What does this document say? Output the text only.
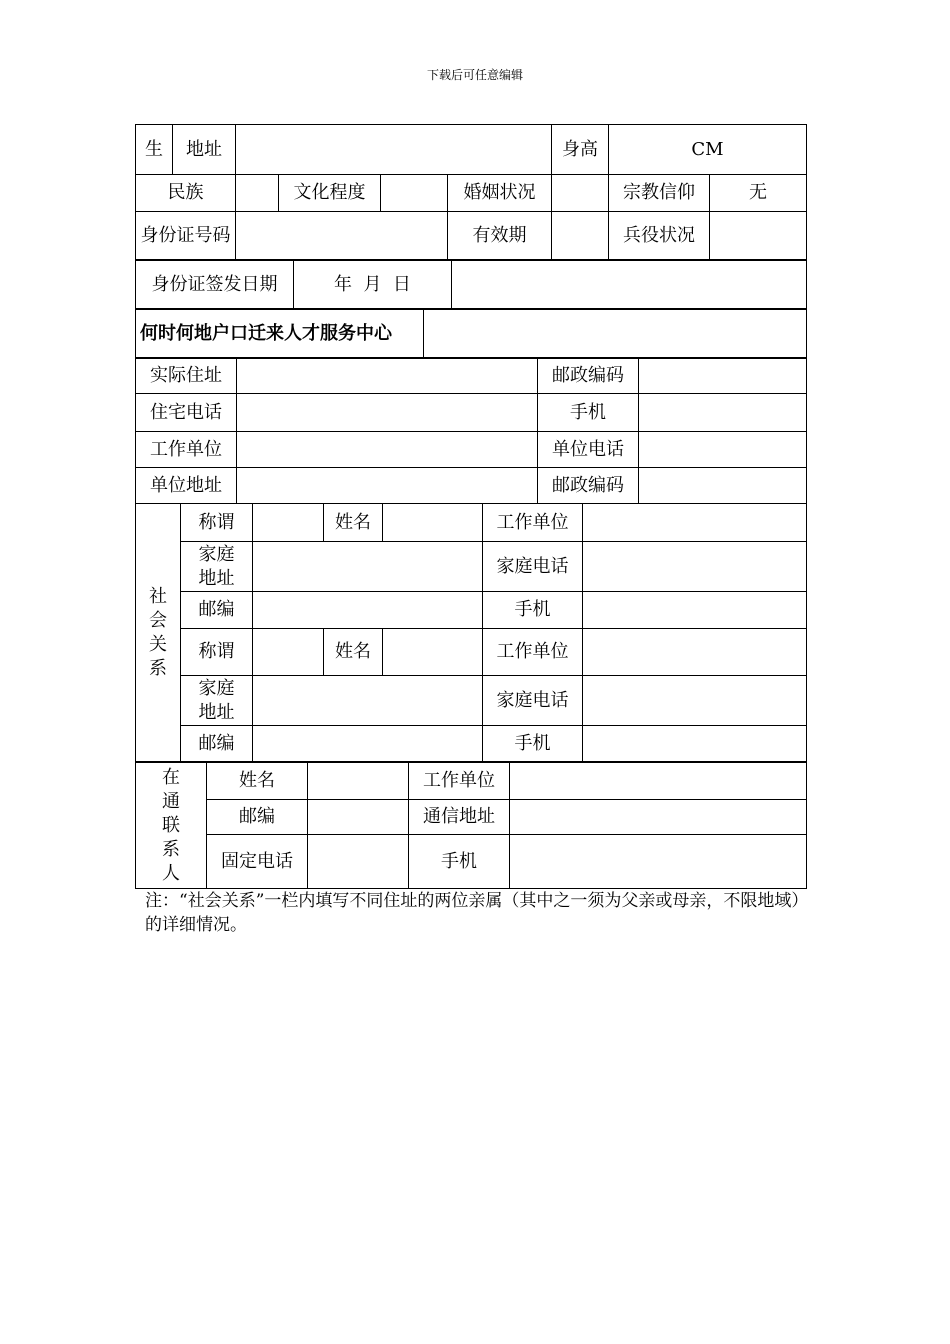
下载后可任意编辑
生	地址					身高	CM	
民族			文化程度		婚姻状况		宗教信仰	无
身份证号码					有效期		兵役状况	
身份证签发日期	年  月  日	
何时何地户口迁来人才服务中心	
实际住址		邮政编码	
住宅电话		手机	
工作单位		单位电话	
单位地址		邮政编码	
社
会
关
系	称谓		姓名		工作单位	
	家庭
地址				家庭电话	
	邮编				手机	
	称谓		姓名		工作单位	
	家庭
地址				家庭电话	
	邮编				手机	
在
通
联
系
人	姓名		工作单位	
	邮编		通信地址	
	固定电话		手机	
注：“社会关系”一栏内填写不同住址的两位亲属（其中之一须为父亲或母亲，不限地域）的详细情况。
